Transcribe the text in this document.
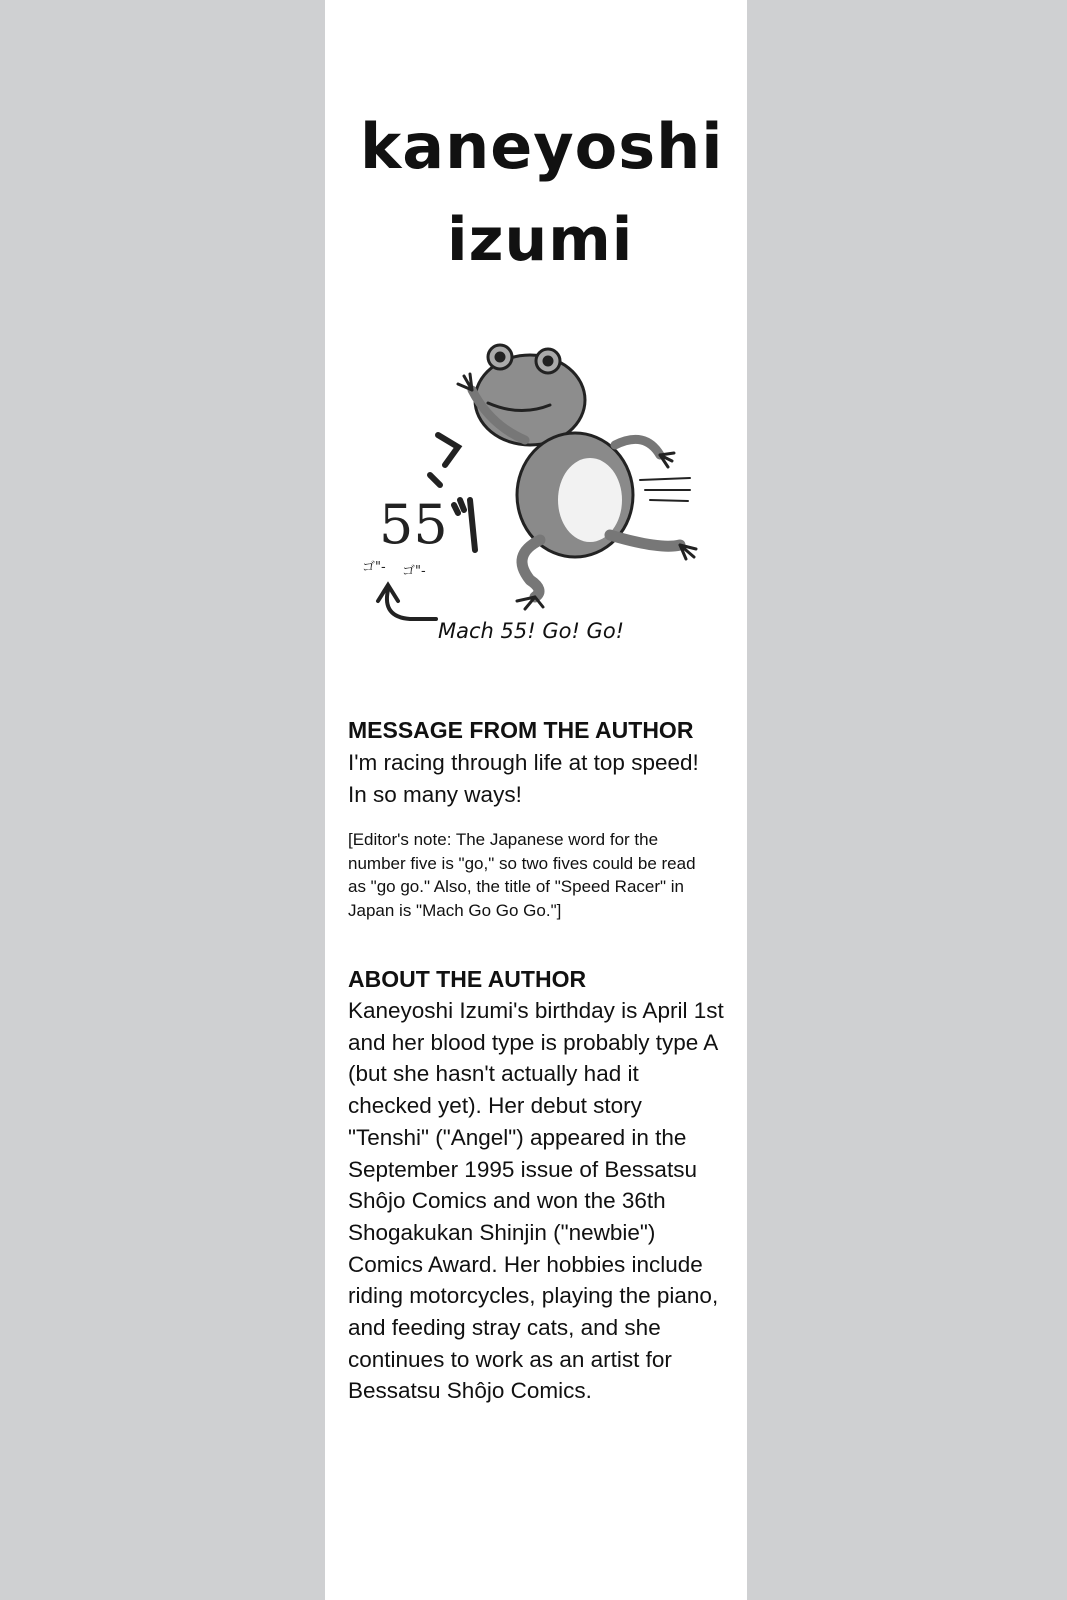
kaneyoshi
izumi
ゴ"- ゴ"-
55
Mach 55! Go! Go!

MESSAGE FROM THE AUTHOR

I'm racing through life at top speed!
In so many ways!

[Editor's note: The Japanese word for the
number five is "go," so two fives could be read
as "go go." Also, the title of "Speed Racer" in
Japan is "Mach Go Go Go."]

ABOUT THE AUTHOR

Kaneyoshi Izumi's birthday is April 1st
and her blood type is probably type A
(but she hasn't actually had it
checked yet). Her debut story
"Tenshi" ("Angel") appeared in the
September 1995 issue of Bessatsu
Shôjo Comics and won the 36th
Shogakukan Shinjin ("newbie")
Comics Award. Her hobbies include
riding motorcycles, playing the piano,
and feeding stray cats, and she
continues to work as an artist for
Bessatsu Shôjo Comics.
